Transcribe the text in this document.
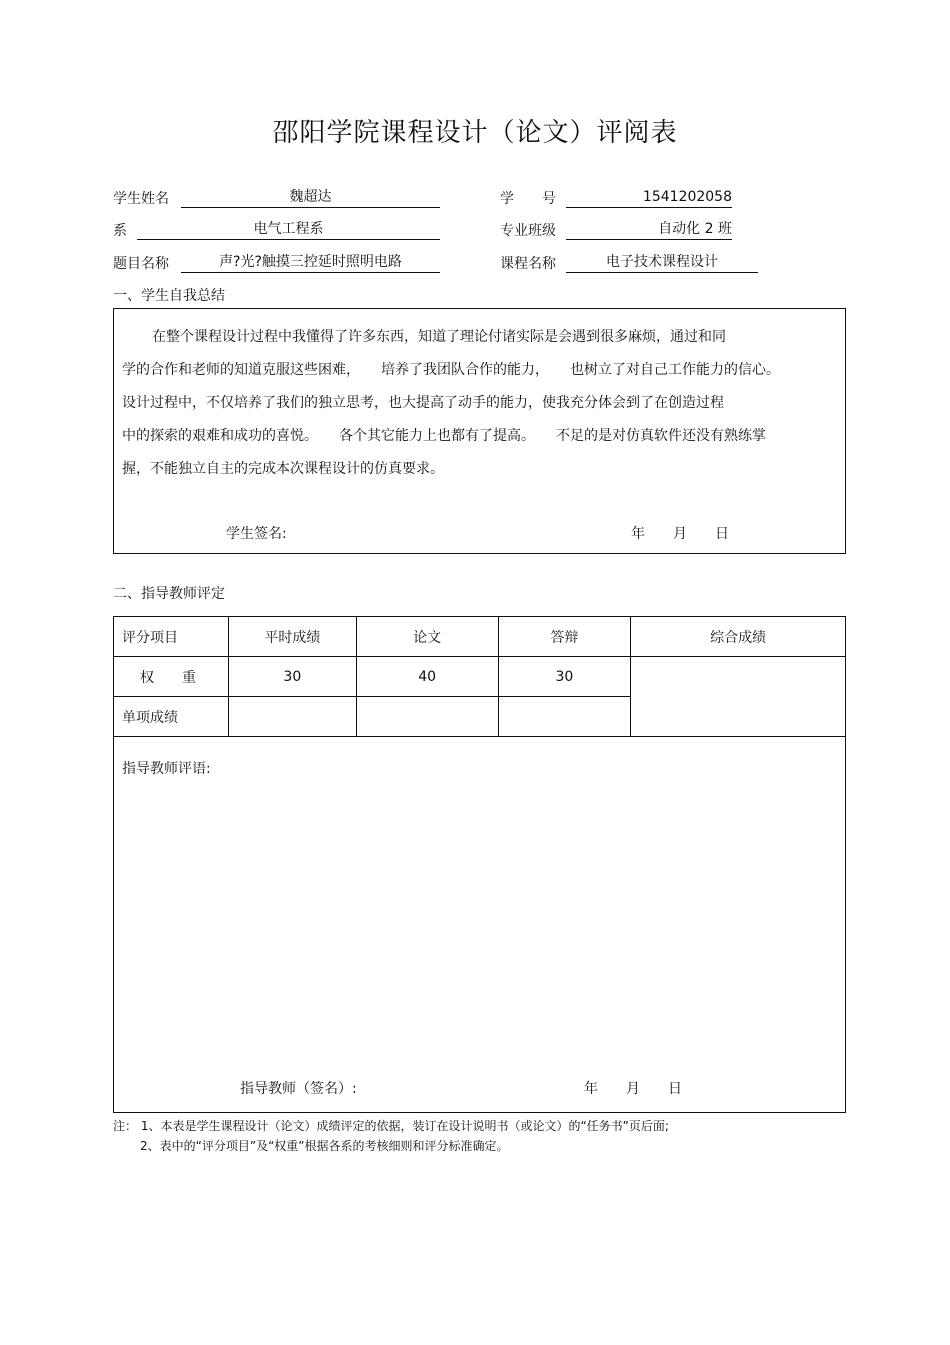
邵阳学院课程设计（论文）评阅表
学生姓名	魏超达	学　　号	1541202058
系	电气工程系	专业班级	自动化 2 班
题目名称	声?光?触摸三控延时照明电路	课程名称	电子技术课程设计
一、学生自我总结
在整个课程设计过程中我懂得了许多东西，知道了理论付诸实际是会遇到很多麻烦，通过和同
学的合作和老师的知道克服这些困难，　　培养了我团队合作的能力，　　也树立了对自己工作能力的信心。
设计过程中，不仅培养了我们的独立思考，也大提高了动手的能力，使我充分体会到了在创造过程
中的探索的艰难和成功的喜悦。　　各个其它能力上也都有了提高。　　不足的是对仿真软件还没有熟练掌
握，不能独立自主的完成本次课程设计的仿真要求。
学生签名:	年　　月　　日
二、指导教师评定
评分项目	平时成绩	论文	答辩	综合成绩
权　　重	30	40	30	
单项成绩				
指导教师评语:
指导教师（签名）:	年　　月　　日
注： 1、本表是学生课程设计（论文）成绩评定的依据，装订在设计说明书（或论文）的“任务书”页后面;
2、表中的“评分项目”及“权重”根据各系的考核细则和评分标准确定。
